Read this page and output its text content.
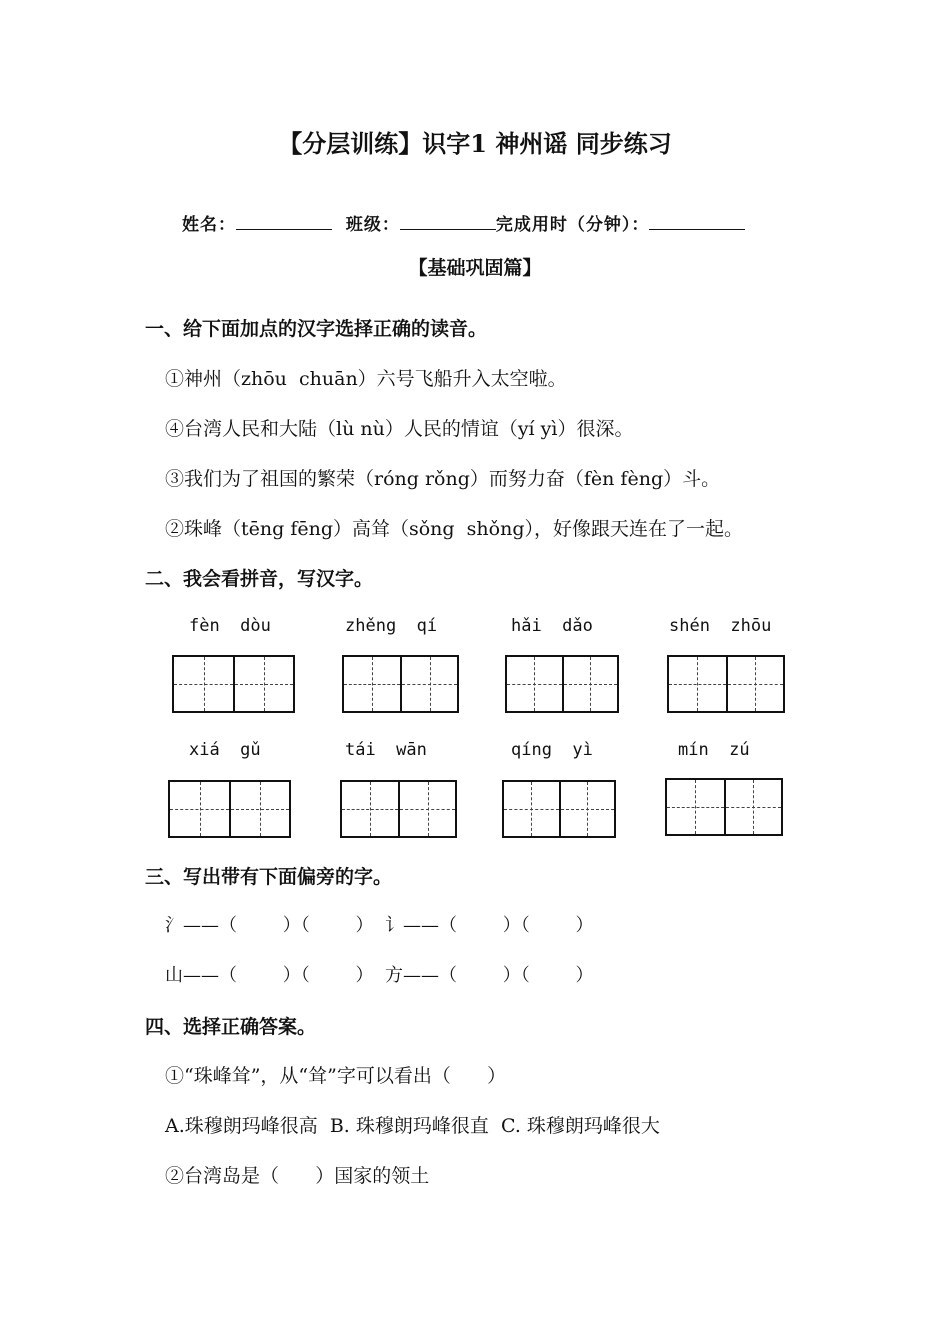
【分层训练】识字1 神州谣 同步练习
姓名：	班级：	完成用时（分钟）：
【基础巩固篇】
一、给下面加点的汉字选择正确的读音。
①神州（zhōu  chuān）六号飞船升入太空啦。
④台湾人民和大陆（lù nù）人民的情谊（yí yì）很深。
③我们为了祖国的繁荣（róng rǒng）而努力奋（fèn fèng）斗。
②珠峰（tēng fēng）高耸（sǒng  shǒng），好像跟天连在了一起。
二、我会看拼音，写汉字。
fèn  dòu	zhěng  qí	hǎi  dǎo	shén  zhōu
xiá  gǔ	tái  wān	qíng  yì	mín  zú
三、写出带有下面偏旁的字。
氵——（        ）（        ）  讠——（        ）（        ）
山——（        ）（        ）  方——（        ）（        ）
四、选择正确答案。
①“珠峰耸”，从“耸”字可以看出（      ）
A.珠穆朗玛峰很高  B. 珠穆朗玛峰很直  C. 珠穆朗玛峰很大
②台湾岛是（      ）国家的领土
